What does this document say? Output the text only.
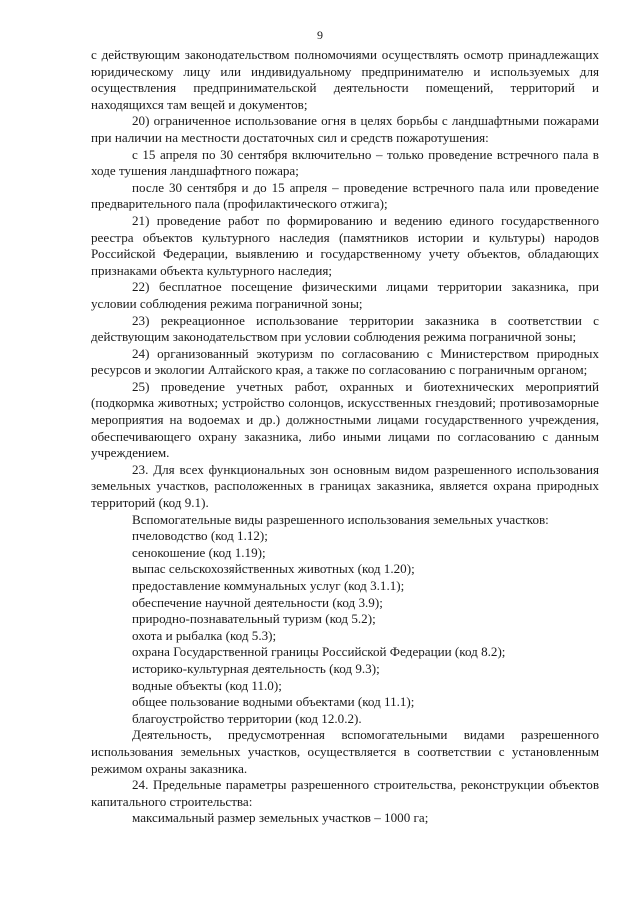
9

с действующим законодательством полномочиями осуществлять осмотр принадлежащих юридическому лицу или индивидуальному предпринимателю и используемых для осуществления предпринимательской деятельности помещений, территорий и находящихся там вещей и документов;

20) ограниченное использование огня в целях борьбы с ландшафтными пожарами при наличии на местности достаточных сил и средств пожаротушения:

с 15 апреля по 30 сентября включительно – только проведение встречного пала в ходе тушения ландшафтного пожара;

после 30 сентября и до 15 апреля – проведение встречного пала или проведение предварительного пала (профилактического отжига);

21) проведение работ по формированию и ведению единого государственного реестра объектов культурного наследия (памятников истории и культуры) народов Российской Федерации, выявлению и государственному учету объектов, обладающих признаками объекта культурного наследия;

22) бесплатное посещение физическими лицами территории заказника, при условии соблюдения режима пограничной зоны;

23) рекреационное использование территории заказника в соответствии с действующим законодательством при условии соблюдения режима пограничной зоны;

24) организованный экотуризм по согласованию с Министерством природных ресурсов и экологии Алтайского края, а также по согласованию с пограничным органом;

25) проведение учетных работ, охранных и биотехнических мероприятий (подкормка животных; устройство солонцов, искусственных гнездовий; противозаморные мероприятия на водоемах и др.) должностными лицами государственного учреждения, обеспечивающего охрану заказника, либо иными лицами по согласованию с данным учреждением.

23. Для всех функциональных зон основным видом разрешенного использования земельных участков, расположенных в границах заказника, является охрана природных территорий (код 9.1).

Вспомогательные виды разрешенного использования земельных участков:

пчеловодство (код 1.12);

сенокошение (код 1.19);

выпас сельскохозяйственных животных (код 1.20);

предоставление коммунальных услуг (код 3.1.1);

обеспечение научной деятельности (код 3.9);

природно-познавательный туризм (код 5.2);

охота и рыбалка (код 5.3);

охрана Государственной границы Российской Федерации (код 8.2);

историко-культурная деятельность (код 9.3);

водные объекты (код 11.0);

общее пользование водными объектами (код 11.1);

благоустройство территории (код 12.0.2).

Деятельность, предусмотренная вспомогательными видами разрешенного использования земельных участков, осуществляется в соответствии с установленным режимом охраны заказника.

24. Предельные параметры разрешенного строительства, реконструкции объектов капитального строительства:

максимальный размер земельных участков – 1000 га;
